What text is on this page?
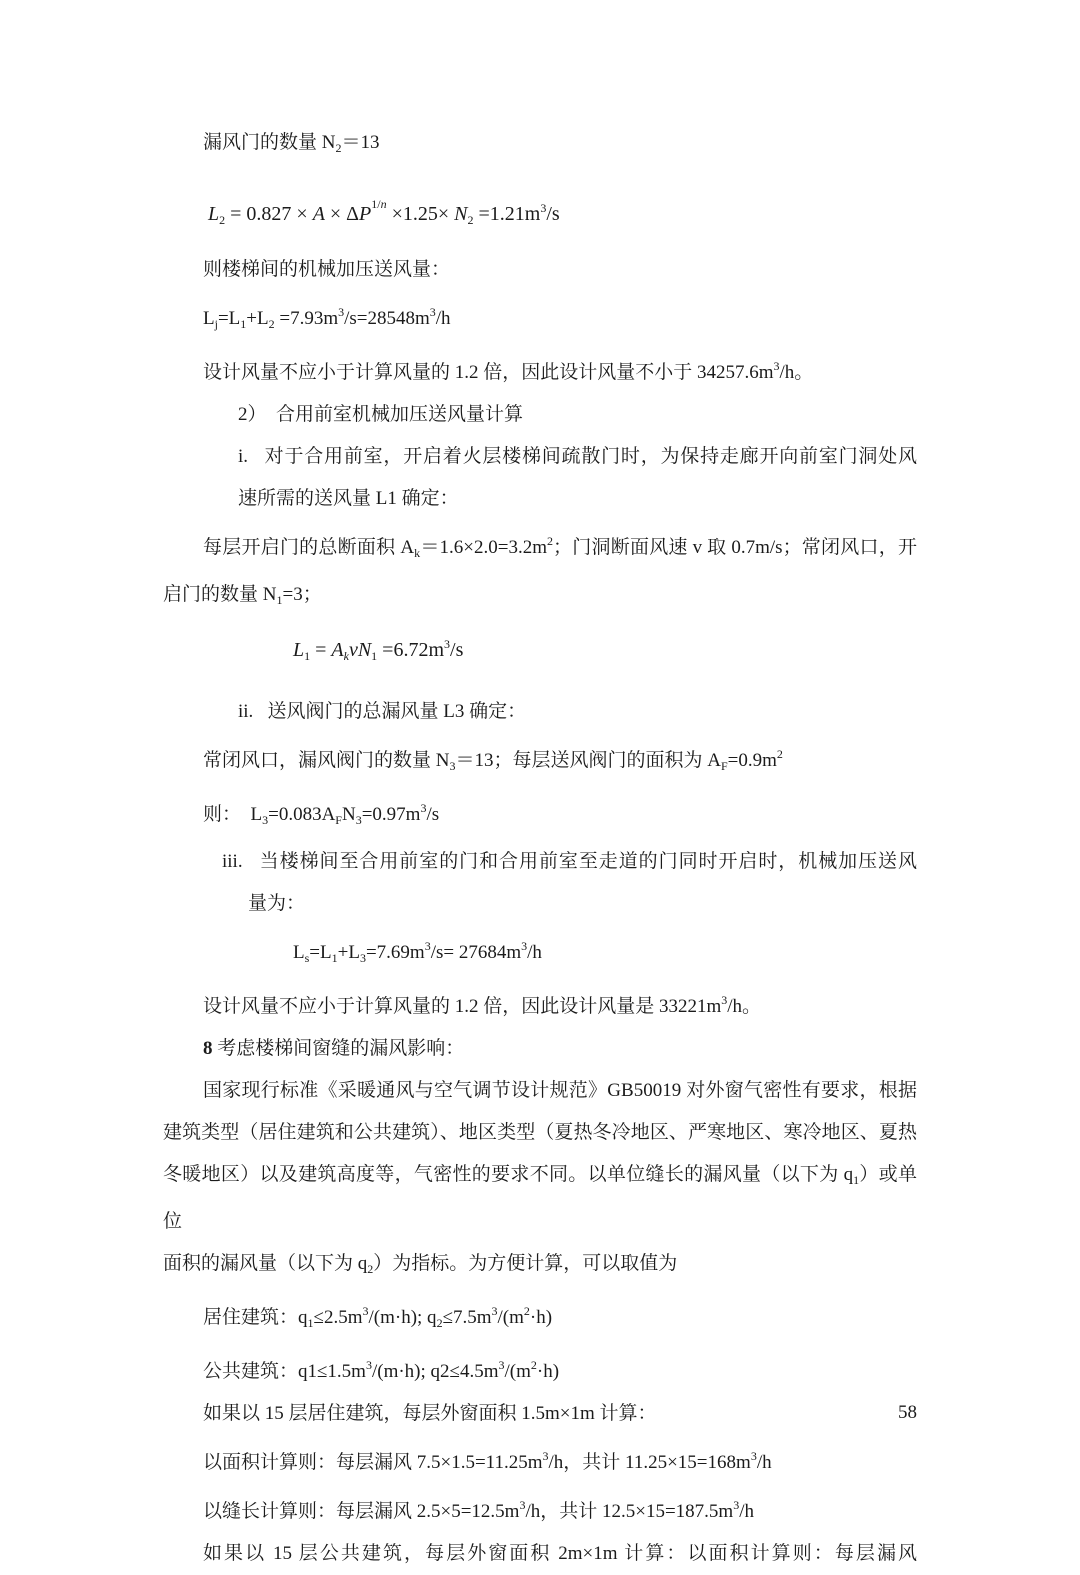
漏风门的数量 $N_2=13$

$L_2 = 0.827 \times A \times \Delta P^{1/n} \times 1.25\times N_2 =1.21m^3/s$

则楼梯间的机械加压送风量：

$L_j=L_1+L_2 =7.93m^3/s=28548m^3/h$

设计风量不应小于计算风量的 1.2 倍，因此设计风量不小于 $34257.6m^3/h$。

2）  合用前室机械加压送风量计算

i.   对于合用前室，开启着火层楼梯间疏散门时，为保持走廊开向前室门洞处风

速所需的送风量 L1 确定：

每层开启门的总断面积 $A_k=1.6\times 2.0=3.2m^2$；门洞断面风速 v 取 0.7m/s；常闭风口，开

启门的数量 $N_1=3$；

$L_1 = A_kvN_1 =6.72m^3/s$

ii.   送风阀门的总漏风量 L3 确定：

常闭风口，漏风阀门的数量 $N_3=13$；每层送风阀门的面积为 $A_F=0.9m^2$

则：  $L_3=0.083A_FN_3=0.97m^3/s$

iii.   当楼梯间至合用前室的门和合用前室至走道的门同时开启时，机械加压送风

量为：

$L_s=L_1+L_3=7.69m^3/s= 27684m^3/h$

设计风量不应小于计算风量的 1.2 倍，因此设计风量是 $33221m^3/h$。

8 考虑楼梯间窗缝的漏风影响：

国家现行标准《采暖通风与空气调节设计规范》GB50019 对外窗气密性有要求，根据

建筑类型（居住建筑和公共建筑）、地区类型（夏热冬冷地区、严寒地区、寒冷地区、夏热

冬暖地区）以及建筑高度等，气密性的要求不同。以单位缝长的漏风量（以下为 $q_1$）或单位

面积的漏风量（以下为 $q_2$）为指标。为方便计算，可以取值为

居住建筑：$q_1\le 2.5m^3/(m\cdot h)$; $q_2\le 7.5m^3/(m^2\cdot h)$

公共建筑：$q1\le 1.5m^3/(m\cdot h)$; $q2\le 4.5m^3/(m^2\cdot h)$

如果以 15 层居住建筑，每层外窗面积 1.5m×1m 计算：

以面积计算则：每层漏风 $7.5\times 1.5=11.25m^3/h$，共计 $11.25\times 15=168m^3/h$

以缝长计算则：每层漏风 $2.5\times 5=12.5m^3/h$，共计 $12.5\times 15=187.5m^3/h$

如果以 15 层公共建筑，每层外窗面积 2m×1m 计算：以面积计算则：每层漏风

58
